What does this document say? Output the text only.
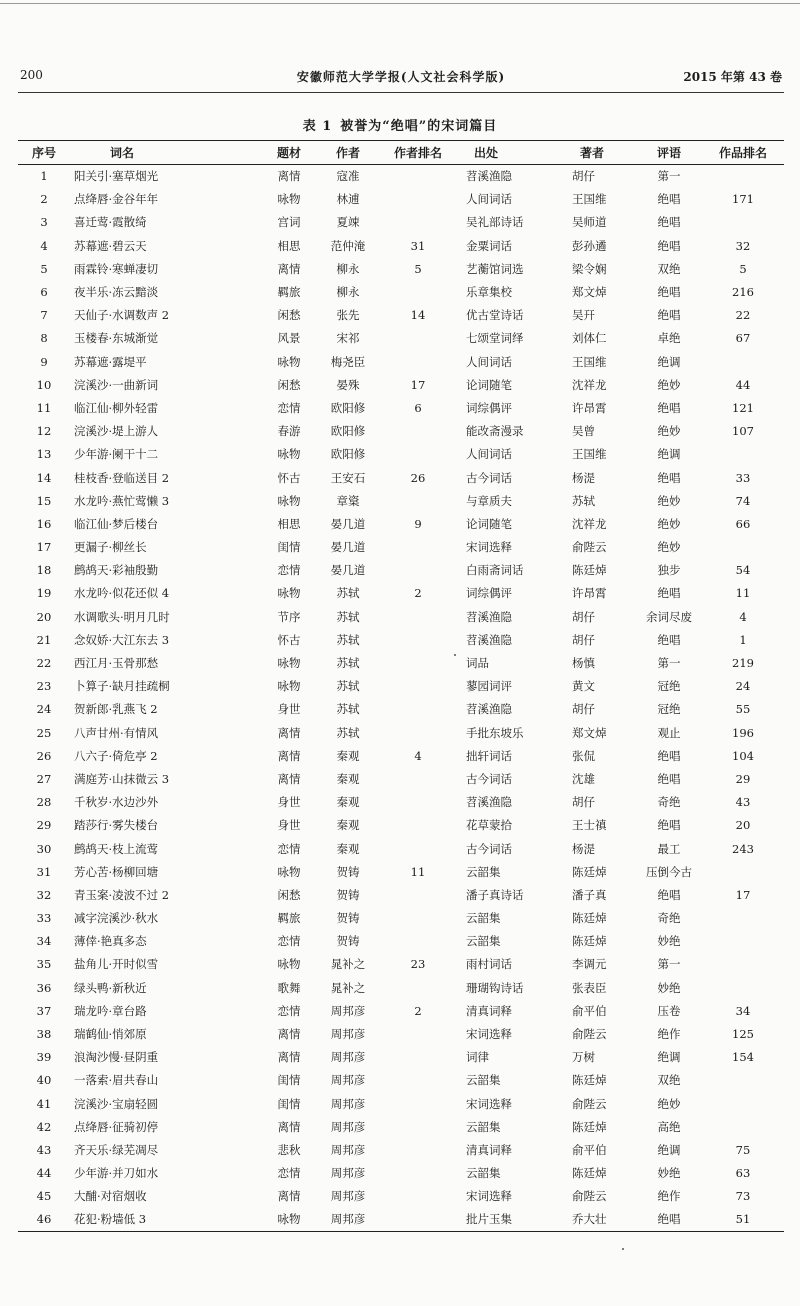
200	安徽师范大学学报(人文社会科学版)	2015 年第 43 卷
表 1 被誉为“绝唱”的宋词篇目
序号	词名	题材	作者	作者排名	出处	著者	评语	作品排名
1	阳关引·塞草烟光	离情	寇准		苕溪渔隐	胡仔	第一	
2	点绛唇·金谷年年	咏物	林逋		人间词话	王国维	绝唱	171
3	喜迁莺·霞散绮	宫词	夏竦		吴礼部诗话	吴师道	绝唱	
4	苏幕遮·碧云天	相思	范仲淹	31	金粟词话	彭孙遹	绝唱	32
5	雨霖铃·寒蝉凄切	离情	柳永	5	艺蘅馆词选	梁令娴	双绝	5
6	夜半乐·冻云黯淡	羁旅	柳永		乐章集校	郑文焯	绝唱	216
7	天仙子·水调数声 2	闲愁	张先	14	优古堂诗话	吴幵	绝唱	22
8	玉楼春·东城渐觉	风景	宋祁		七颂堂词绎	刘体仁	卓绝	67
9	苏幕遮·露堤平	咏物	梅尧臣		人间词话	王国维	绝调	
10	浣溪沙·一曲新词	闲愁	晏殊	17	论词随笔	沈祥龙	绝妙	44
11	临江仙·柳外轻雷	恋情	欧阳修	6	词综偶评	许昂霄	绝唱	121
12	浣溪沙·堤上游人	春游	欧阳修		能改斋漫录	吴曾	绝妙	107
13	少年游·阑干十二	咏物	欧阳修		人间词话	王国维	绝调	
14	桂枝香·登临送目 2	怀古	王安石	26	古今词话	杨湜	绝唱	33
15	水龙吟·燕忙莺懒 3	咏物	章楶		与章质夫	苏轼	绝妙	74
16	临江仙·梦后楼台	相思	晏几道	9	论词随笔	沈祥龙	绝妙	66
17	更漏子·柳丝长	闺情	晏几道		宋词选释	俞陛云	绝妙	
18	鹧鸪天·彩袖殷勤	恋情	晏几道		白雨斋词话	陈廷焯	独步	54
19	水龙吟·似花还似 4	咏物	苏轼	2	词综偶评	许昂霄	绝唱	11
20	水调歌头·明月几时	节序	苏轼		苕溪渔隐	胡仔	余词尽废	4
21	念奴娇·大江东去 3	怀古	苏轼		苕溪渔隐	胡仔	绝唱	1
22	西江月·玉骨那愁	咏物	苏轼		词品	杨慎	第一	219
23	卜算子·缺月挂疏桐	咏物	苏轼		蓼园词评	黄文	冠绝	24
24	贺新郎·乳燕飞 2	身世	苏轼		苕溪渔隐	胡仔	冠绝	55
25	八声甘州·有情风	离情	苏轼		手批东坡乐	郑文焯	观止	196
26	八六子·倚危亭 2	离情	秦观	4	拙轩词话	张侃	绝唱	104
27	满庭芳·山抹微云 3	离情	秦观		古今词话	沈雄	绝唱	29
28	千秋岁·水边沙外	身世	秦观		苕溪渔隐	胡仔	奇绝	43
29	踏莎行·雾失楼台	身世	秦观		花草蒙拾	王士禛	绝唱	20
30	鹧鸪天·枝上流莺	恋情	秦观		古今词话	杨湜	最工	243
31	芳心苦·杨柳回塘	咏物	贺铸	11	云韶集	陈廷焯	压倒今古	
32	青玉案·凌波不过 2	闲愁	贺铸		潘子真诗话	潘子真	绝唱	17
33	减字浣溪沙·秋水	羁旅	贺铸		云韶集	陈廷焯	奇绝	
34	薄倖·艳真多态	恋情	贺铸		云韶集	陈廷焯	妙绝	
35	盐角儿·开时似雪	咏物	晁补之	23	雨村词话	李调元	第一	
36	绿头鸭·新秋近	歌舞	晁补之		珊瑚钩诗话	张表臣	妙绝	
37	瑞龙吟·章台路	恋情	周邦彦	2	清真词释	俞平伯	压卷	34
38	瑞鹤仙·悄郊原	离情	周邦彦		宋词选释	俞陛云	绝作	125
39	浪淘沙慢·昼阴重	离情	周邦彦		词律	万树	绝调	154
40	一落索·眉共春山	闺情	周邦彦		云韶集	陈廷焯	双绝	
41	浣溪沙·宝扇轻圆	闺情	周邦彦		宋词选释	俞陛云	绝妙	
42	点绛唇·征骑初停	离情	周邦彦		云韶集	陈廷焯	高绝	
43	齐天乐·绿芜凋尽	悲秋	周邦彦		清真词释	俞平伯	绝调	75
44	少年游·并刀如水	恋情	周邦彦		云韶集	陈廷焯	妙绝	63
45	大酺·对宿烟收	离情	周邦彦		宋词选释	俞陛云	绝作	73
46	花犯·粉墙低 3	咏物	周邦彦		批片玉集	乔大壮	绝唱	51
